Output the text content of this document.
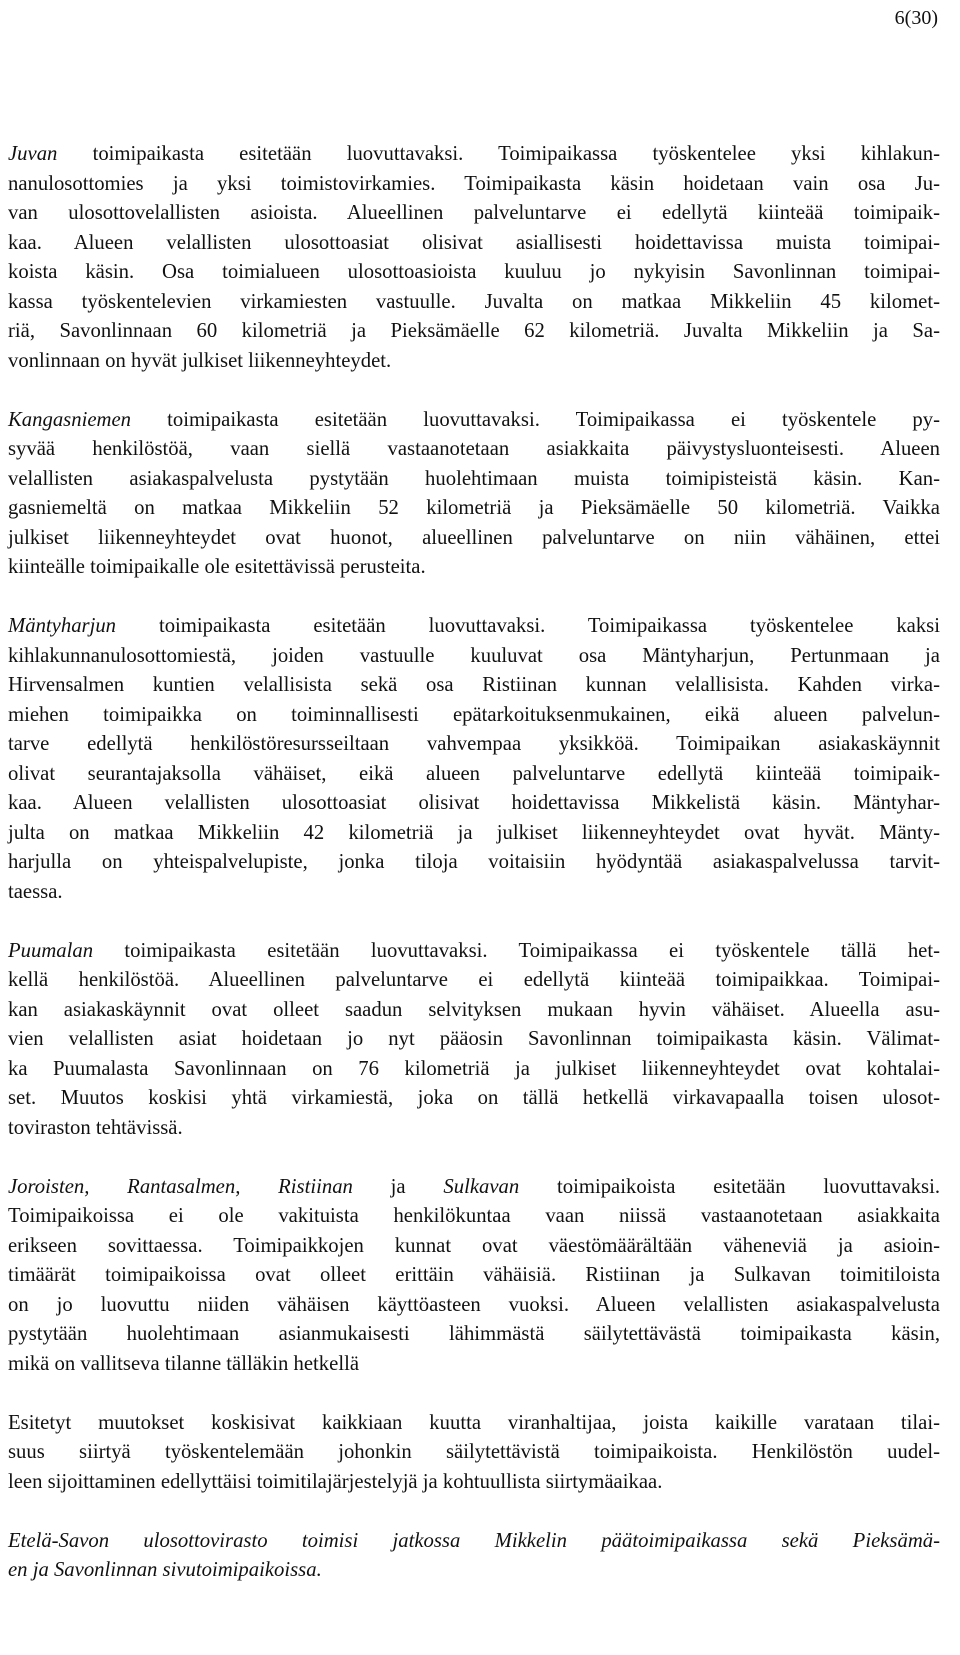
6(30)

Juvan toimipaikasta esitetään luovuttavaksi. Toimipaikassa työskentelee yksi kihlakun-
nanulosottomies ja yksi toimistovirkamies. Toimipaikasta käsin hoidetaan vain osa Ju-
van ulosottovelallisten asioista. Alueellinen palveluntarve ei edellytä kiinteää toimipaik-
kaa. Alueen velallisten ulosottoasiat olisivat asiallisesti hoidettavissa muista toimipai-
koista käsin. Osa toimialueen ulosottoasioista kuuluu jo nykyisin Savonlinnan toimipai-
kassa työskentelevien virkamiesten vastuulle. Juvalta on matkaa Mikkeliin 45 kilomet-
riä, Savonlinnaan 60 kilometriä ja Pieksämäelle 62 kilometriä. Juvalta Mikkeliin ja Sa-
vonlinnaan on hyvät julkiset liikenneyhteydet.

Kangasniemen toimipaikasta esitetään luovuttavaksi. Toimipaikassa ei työskentele py-
syvää henkilöstöä, vaan siellä vastaanotetaan asiakkaita päivystysluonteisesti. Alueen
velallisten asiakaspalvelusta pystytään huolehtimaan muista toimipisteistä käsin. Kan-
gasniemeltä on matkaa Mikkeliin 52 kilometriä ja Pieksämäelle 50 kilometriä. Vaikka
julkiset liikenneyhteydet ovat huonot, alueellinen palveluntarve on niin vähäinen, ettei
kiinteälle toimipaikalle ole esitettävissä perusteita.

Mäntyharjun toimipaikasta esitetään luovuttavaksi. Toimipaikassa työskentelee kaksi
kihlakunnanulosottomiestä, joiden vastuulle kuuluvat osa Mäntyharjun, Pertunmaan ja
Hirvensalmen kuntien velallisista sekä osa Ristiinan kunnan velallisista. Kahden virka-
miehen toimipaikka on toiminnallisesti epätarkoituksenmukainen, eikä alueen palvelun-
tarve edellytä henkilöstöresursseiltaan vahvempaa yksikköä. Toimipaikan asiakaskäynnit
olivat seurantajaksolla vähäiset, eikä alueen palveluntarve edellytä kiinteää toimipaik-
kaa. Alueen velallisten ulosottoasiat olisivat hoidettavissa Mikkelistä käsin. Mäntyhar-
julta on matkaa Mikkeliin 42 kilometriä ja julkiset liikenneyhteydet ovat hyvät. Mänty-
harjulla on yhteispalvelupiste, jonka tiloja voitaisiin hyödyntää asiakaspalvelussa tarvit-
taessa.

Puumalan toimipaikasta esitetään luovuttavaksi. Toimipaikassa ei työskentele tällä het-
kellä henkilöstöä. Alueellinen palveluntarve ei edellytä kiinteää toimipaikkaa. Toimipai-
kan asiakaskäynnit ovat olleet saadun selvityksen mukaan hyvin vähäiset. Alueella asu-
vien velallisten asiat hoidetaan jo nyt pääosin Savonlinnan toimipaikasta käsin. Välimat-
ka Puumalasta Savonlinnaan on 76 kilometriä ja julkiset liikenneyhteydet ovat kohtalai-
set. Muutos koskisi yhtä virkamiestä, joka on tällä hetkellä virkavapaalla toisen ulosot-
toviraston tehtävissä.

Joroisten, Rantasalmen, Ristiinan ja Sulkavan toimipaikoista esitetään luovuttavaksi.
Toimipaikoissa ei ole vakituista henkilökuntaa vaan niissä vastaanotetaan asiakkaita
erikseen sovittaessa. Toimipaikkojen kunnat ovat väestömäärältään väheneviä ja asioin-
timäärät toimipaikoissa ovat olleet erittäin vähäisiä. Ristiinan ja Sulkavan toimitiloista
on jo luovuttu niiden vähäisen käyttöasteen vuoksi. Alueen velallisten asiakaspalvelusta
pystytään huolehtimaan asianmukaisesti lähimmästä säilytettävästä toimipaikasta käsin,
mikä on vallitseva tilanne tälläkin hetkellä

Esitetyt muutokset koskisivat kaikkiaan kuutta viranhaltijaa, joista kaikille varataan tilai-
suus siirtyä työskentelemään johonkin säilytettävistä toimipaikoista. Henkilöstön uudel-
leen sijoittaminen edellyttäisi toimitilajärjestelyjä ja kohtuullista siirtymäaikaa.

Etelä-Savon ulosottovirasto toimisi jatkossa Mikkelin päätoimipaikassa sekä Pieksämä-
en ja Savonlinnan sivutoimipaikoissa.
